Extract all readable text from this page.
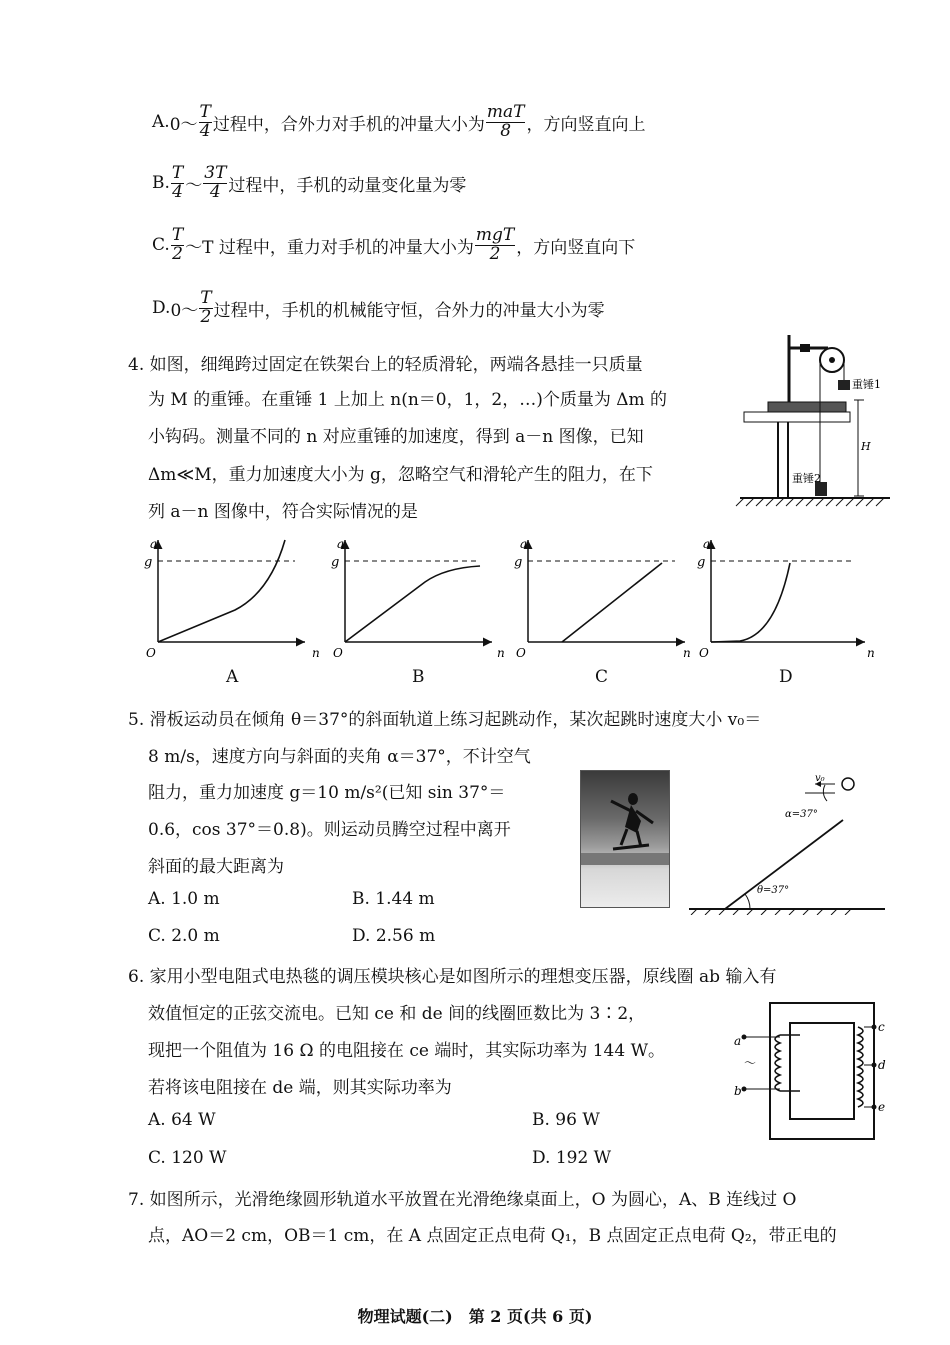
A. 0～ $\frac{T}{4}$ 过程中，合外力对手机的冲量大小为 $\frac{\text{maT}}{8}$ ，方向竖直向上
B. $\frac{T}{4}$ ～ $\frac{3T}{4}$ 过程中，手机的动量变化量为零
C. $\frac{T}{2}$ ～T 过程中，重力对手机的冲量大小为 $\frac{\text{mgT}}{2}$ ，方向竖直向下
D. 0～ $\frac{T}{2}$ 过程中，手机的机械能守恒，合外力的冲量大小为零
4. 如图，细绳跨过固定在铁架台上的轻质滑轮，两端各悬挂一只质量
为 M 的重锤。在重锤 1 上加上 n(n＝0，1，2，…)个质量为 Δm 的
小钩码。测量不同的 n 对应重锤的加速度，得到 a－n 图像，已知
Δm≪M，重力加速度大小为 g，忽略空气和滑轮产生的阻力，在下
列 a－n 图像中，符合实际情况的是
重锤1
重锤2
H
a
g
O	n
a
g
O	n
a
g
O	n
a
g
O	n
A	B	C	D
5. 滑板运动员在倾角 θ＝37°的斜面轨道上练习起跳动作，某次起跳时速度大小 v₀＝
8 m/s，速度方向与斜面的夹角 α＝37°，不计空气
阻力，重力加速度 g＝10 m/s²(已知 sin 37°＝
0.6，cos 37°＝0.8)。则运动员腾空过程中离开
斜面的最大距离为
A. 1.0 m	B. 1.44 m
C. 2.0 m	D. 2.56 m
θ=37°
α=37°
v₀
6. 家用小型电阻式电热毯的调压模块核心是如图所示的理想变压器，原线圈 ab 输入有
效值恒定的正弦交流电。已知 ce 和 de 间的线圈匝数比为 3∶2，
现把一个阻值为 16 Ω 的电阻接在 ce 端时，其实际功率为 144 W。
若将该电阻接在 de 端，则其实际功率为
A. 64 W	B. 96 W
C. 120 W	D. 192 W
a
b
～
c
d
e
7. 如图所示，光滑绝缘圆形轨道水平放置在光滑绝缘桌面上，O 为圆心，A、B 连线过 O
点，AO＝2 cm，OB＝1 cm，在 A 点固定正点电荷 Q₁，B 点固定正点电荷 Q₂，带正电的
物理试题(二)　第 2 页(共 6 页)
